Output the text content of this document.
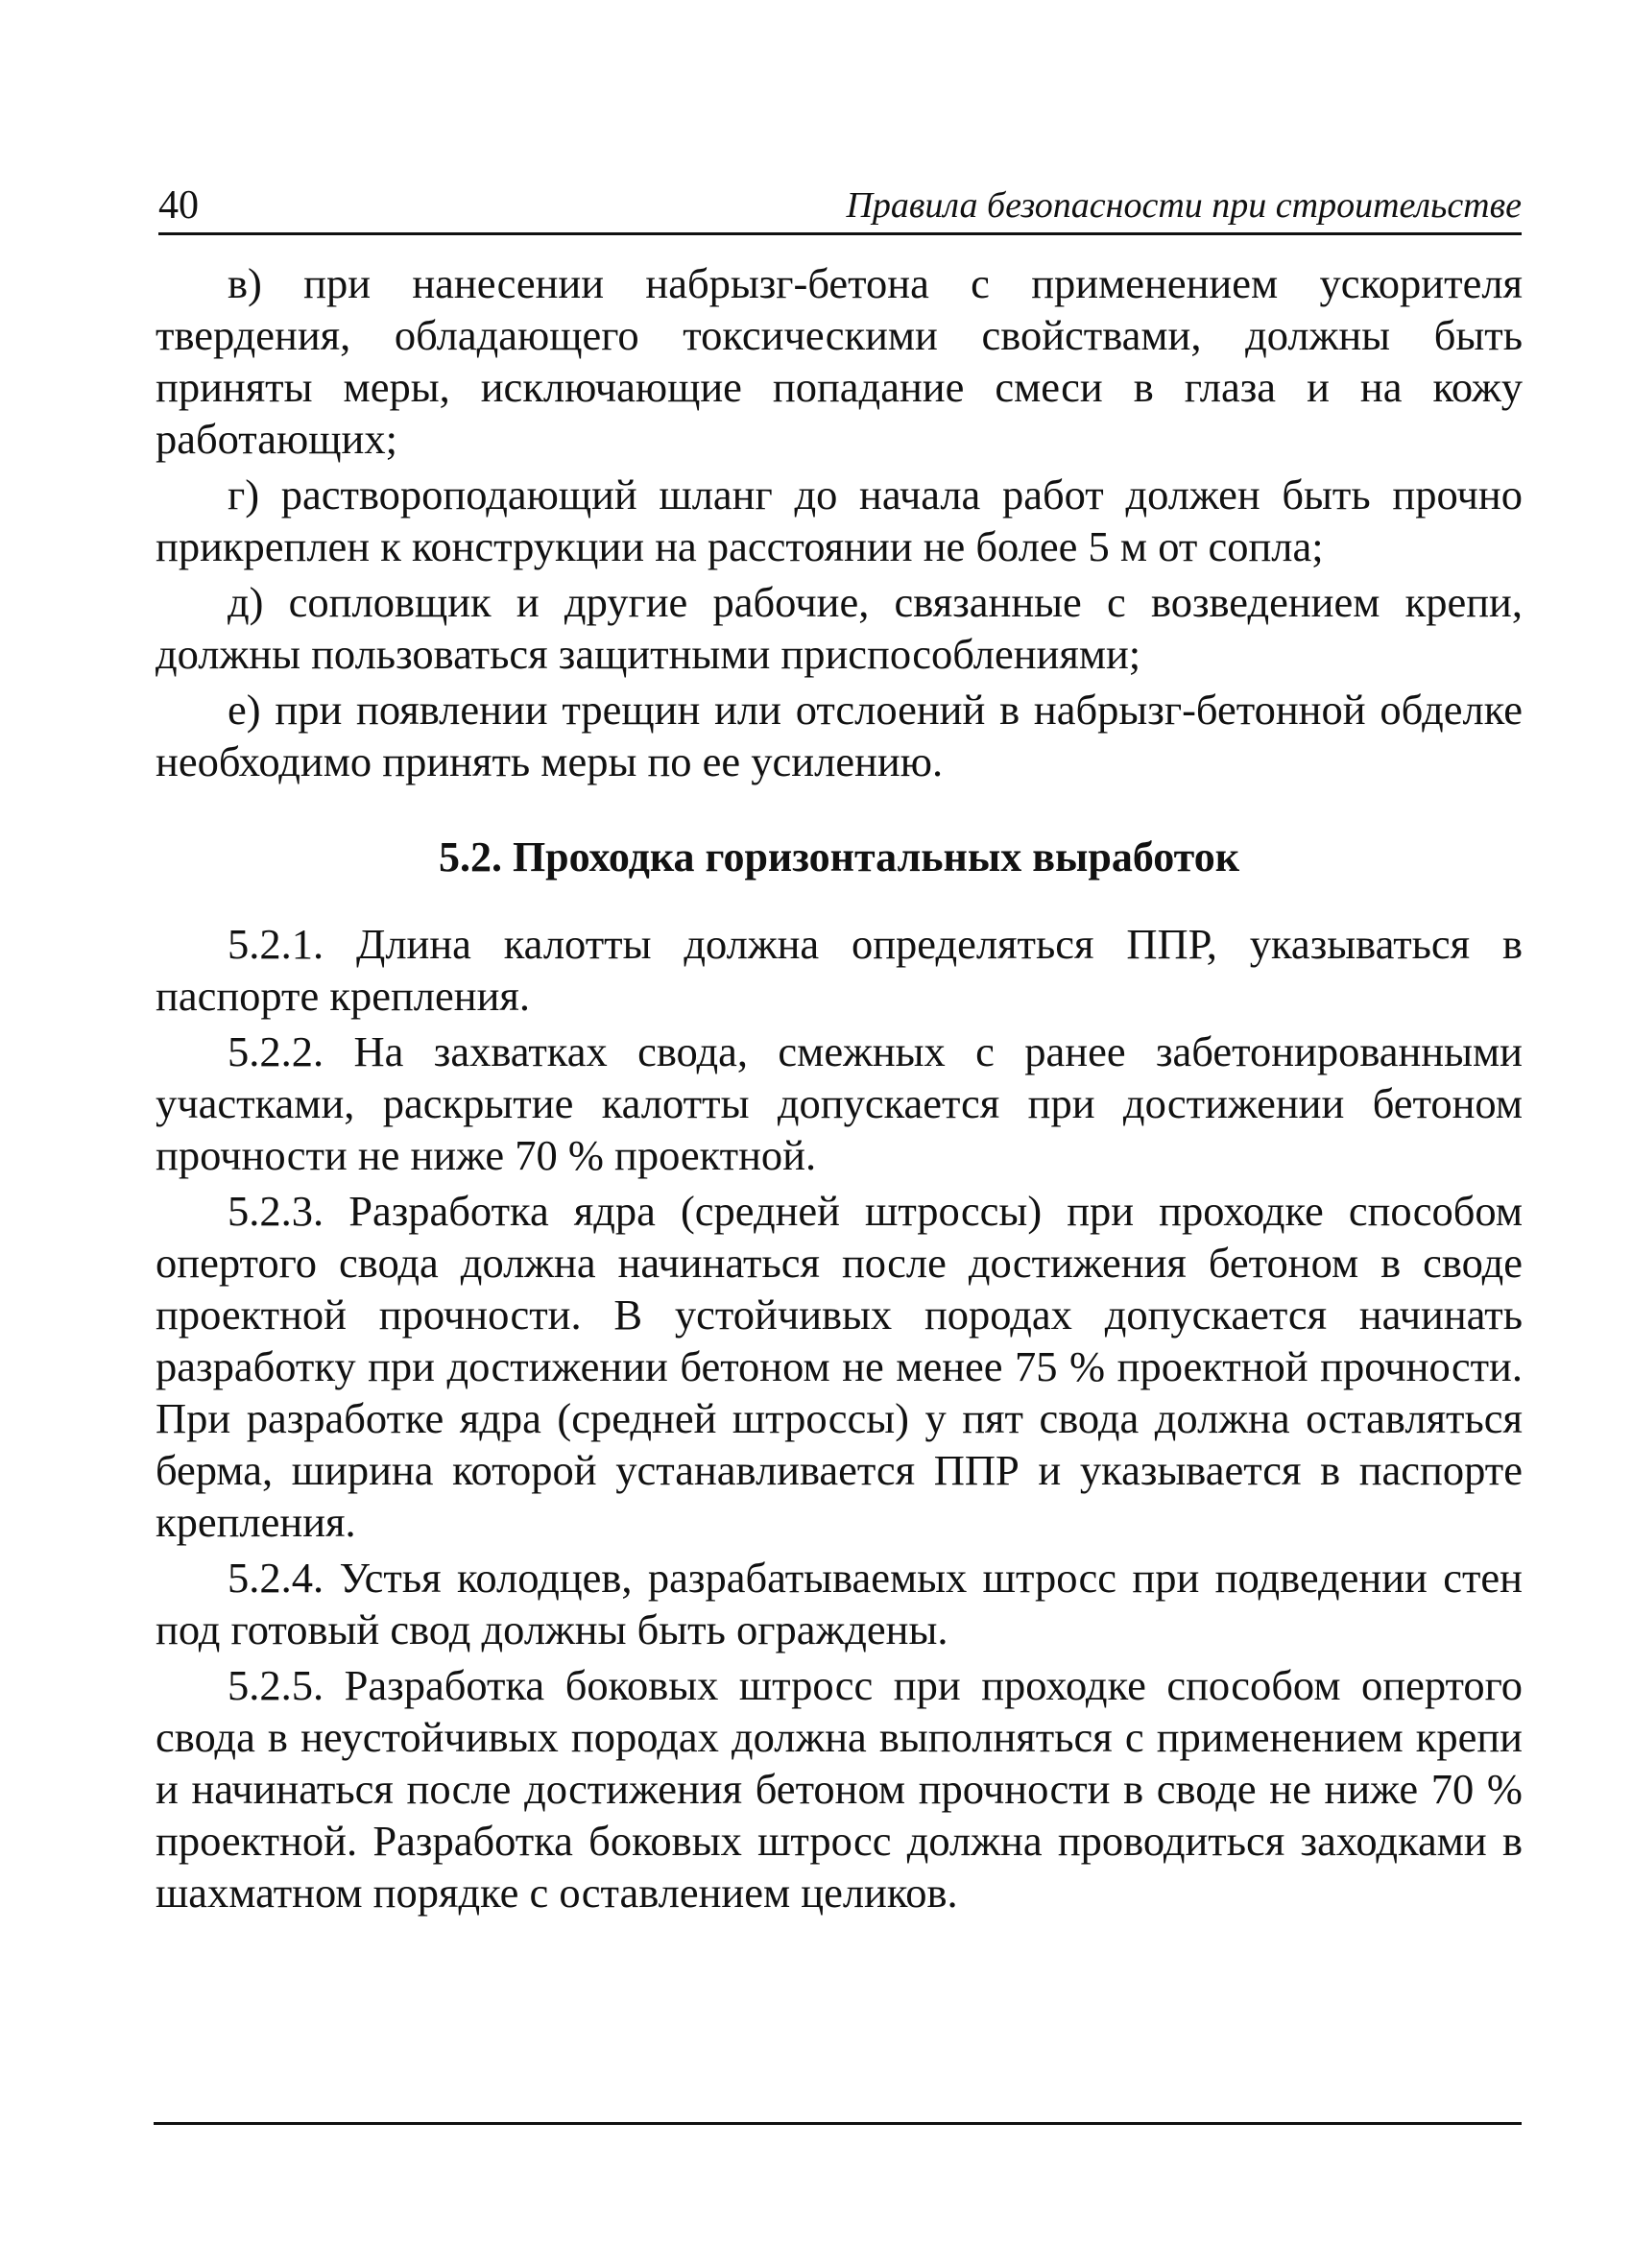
40	Правила безопасности при строительстве

в) при нанесении набрызг-бетона с применением ускорителя твердения, обладающего токсическими свойствами, должны быть приняты меры, исключающие попадание смеси в глаза и на кожу работающих;

г) раствороподающий шланг до начала работ должен быть прочно прикреплен к конструкции на расстоянии не более 5 м от сопла;

д) сопловщик и другие рабочие, связанные с возведением крепи, должны пользоваться защитными приспособлениями;

е) при появлении трещин или отслоений в набрызг-бетонной обделке необходимо принять меры по ее усилению.

5.2. Проходка горизонтальных выработок

5.2.1. Длина калотты должна определяться ППР, указываться в паспорте крепления.

5.2.2. На захватках свода, смежных с ранее забетонированными участками, раскрытие калотты допускается при достижении бетоном прочности не ниже 70 % проектной.

5.2.3. Разработка ядра (средней штроссы) при проходке способом опертого свода должна начинаться после достижения бетоном в своде проектной прочности. В устойчивых породах допускается начинать разработку при достижении бетоном не менее 75 % проектной прочности. При разработке ядра (средней штроссы) у пят свода должна оставляться берма, ширина которой устанавливается ППР и указывается в паспорте крепления.

5.2.4. Устья колодцев, разрабатываемых штросс при подведении стен под готовый свод должны быть ограждены.

5.2.5. Разработка боковых штросс при проходке способом опертого свода в неустойчивых породах должна выполняться с применением крепи и начинаться после достижения бетоном прочности в своде не ниже 70 % проектной. Разработка боковых штросс должна проводиться заходками в шахматном порядке с оставлением целиков.
